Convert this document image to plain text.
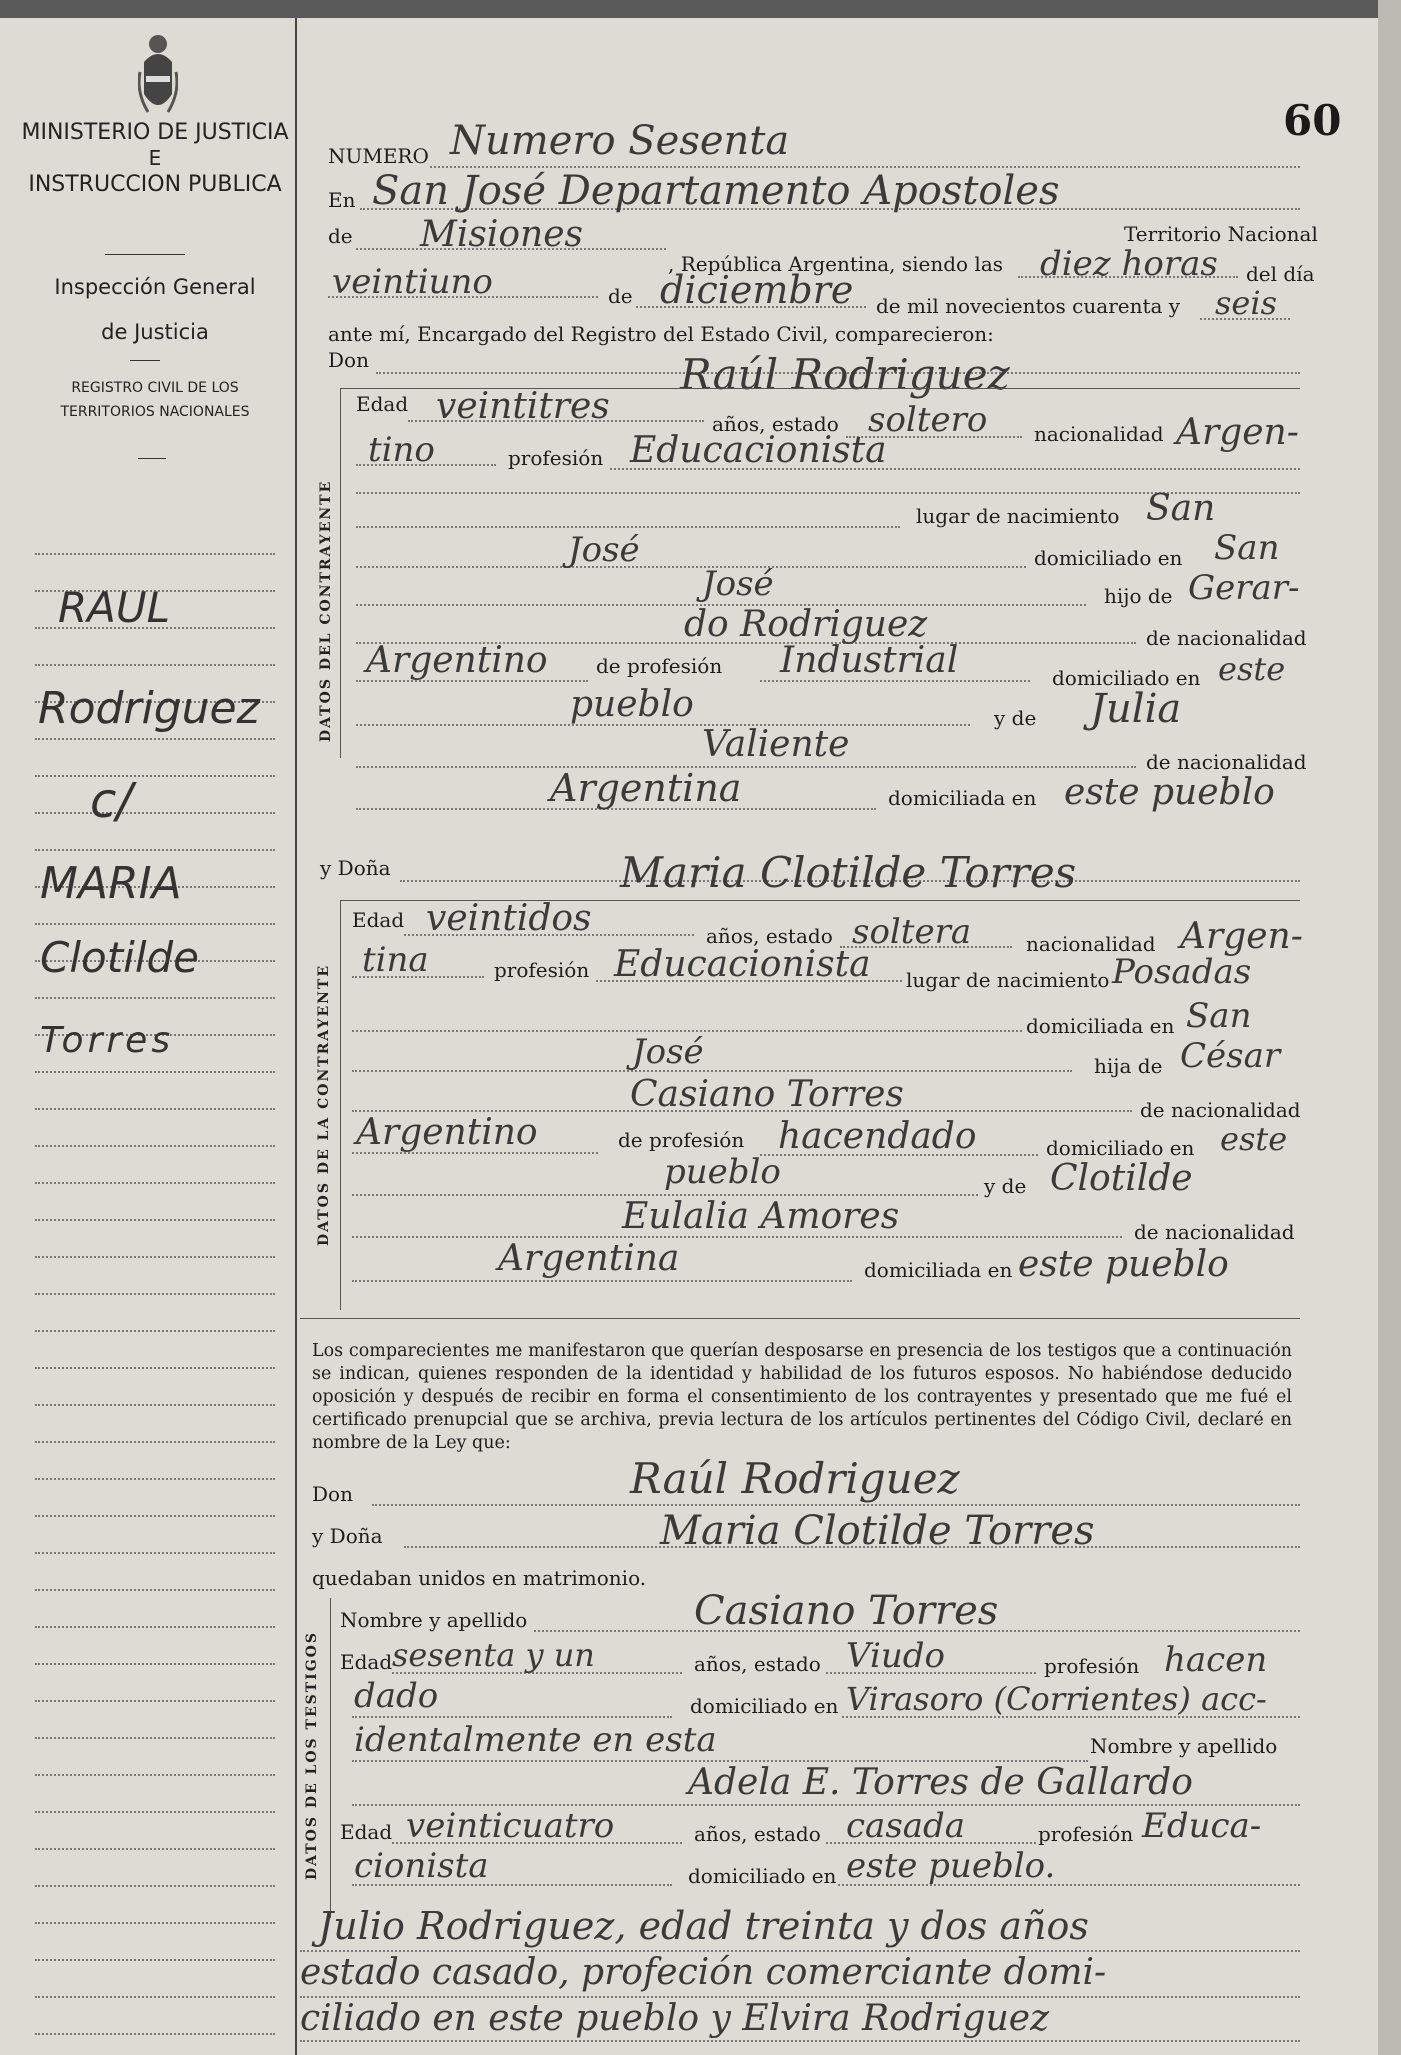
MINISTERIO DE JUSTICIA
E
INSTRUCCION PUBLICA
Inspección General
de Justicia
REGISTRO CIVIL DE LOS
TERRITORIOS NACIONALES
RAUL
Rodriguez
c/
MARIA
Clotilde
Torres
60
NUMERO Numero Sesenta
En San José Departamento Apostoles
de Misiones	Territorio Nacional
, República Argentina, siendo las diez horas del día
veintiuno	de diciembre de mil novecientos cuarenta y seis
ante mí, Encargado del Registro del Estado Civil, comparecieron:
Don	Raúl Rodriguez
DATOS DEL CONTRAYENTE
Edad veintitres	años, estado soltero nacionalidad Argen-
tino	profesión Educacionista
lugar de nacimiento San
José	domiciliado en San
José	hijo de Gerar-
do Rodriguez	de nacionalidad
Argentino de profesión Industrial	domiciliado en este
pueblo	y de Julia
Valiente	de nacionalidad
Argentina	domiciliada en este pueblo
y Doña	Maria Clotilde Torres
DATOS DE LA CONTRAYENTE
Edad veintidos	años, estado soltera	nacionalidad Argen-
tina	profesión Educacionista lugar de nacimiento Posadas
domiciliada en San
José	hija de César
Casiano Torres	de nacionalidad
Argentino	de profesión hacendado	domiciliado en este
pueblo	y de Clotilde
Eulalia Amores	de nacionalidad
Argentina	domiciliada en este pueblo
Los comparecientes me manifestaron que querían desposarse en presencia de los testigos que a continuación se indican, quienes responden de la identidad y habilidad de los futuros esposos. No habiéndose deducido oposición y después de recibir en forma el consentimiento de los contrayentes y presentado que me fué el certificado prenupcial que se archiva, previa lectura de los artículos pertinentes del Código Civil, declaré en nombre de la Ley que:
Don	Raúl Rodriguez
y Doña	Maria Clotilde Torres
quedaban unidos en matrimonio.
DATOS DE LOS TESTIGOS
Nombre y apellido	Casiano Torres
Edad sesenta y un	años, estado Viudo	profesión hacen
dado	domiciliado en Virasoro (Corrientes) acc-
identalmente en esta	Nombre y apellido
Adela E. Torres de Gallardo
Edad veinticuatro	años, estado casada	profesión Educa-
cionista	domiciliado en este pueblo.
Julio Rodriguez, edad treinta y dos años
estado casado, profeción comerciante domi-
ciliado en este pueblo y Elvira Rodriguez
